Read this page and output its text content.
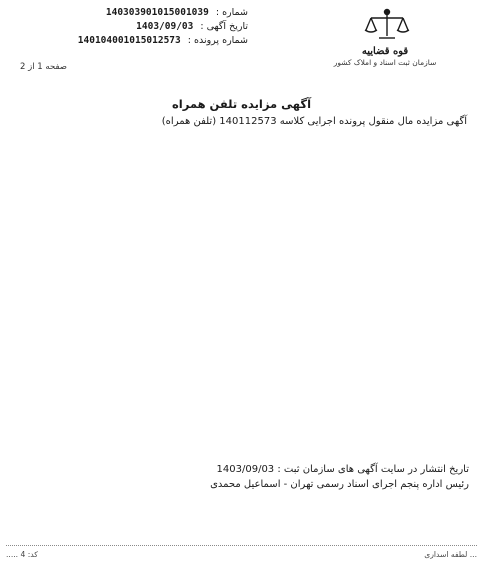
شماره : 140303901015001039
تاریخ آگهی : 1403/09/03
شماره پرونده : 140104001015012573
صفحه 1 از 2
قوه قضاییه
سازمان ثبت اسناد و املاک کشور
آگهی مزایده تلفن همراه
آگهی مزایده مال منقول پرونده اجرایی کلاسه 140112573 (تلفن همراه)
تاریخ انتشار در سایت آگهی های سازمان ثبت : 1403/09/03
رئیس اداره پنجم اجرای اسناد رسمی تهران - اسماعیل محمدی
... لطفه اسداری
کد: 4 .....
